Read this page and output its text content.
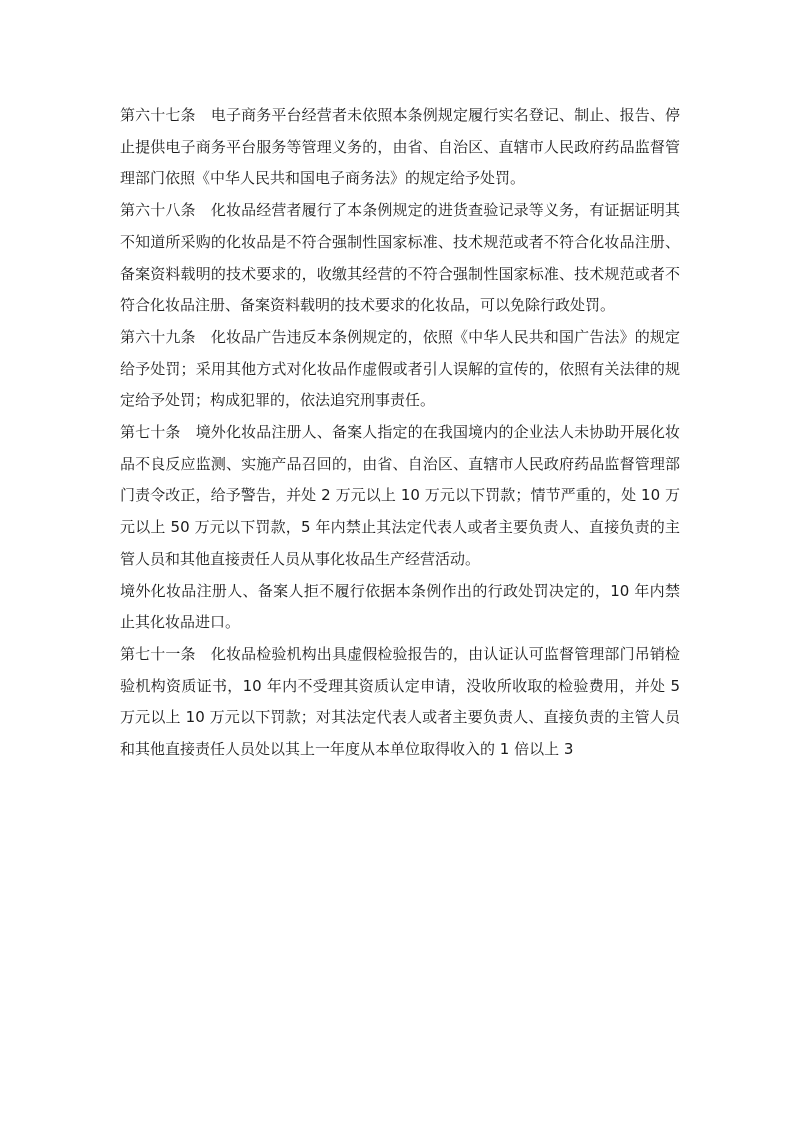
第六十七条　电子商务平台经营者未依照本条例规定履行实名登记、制止、报告、停止提供电子商务平台服务等管理义务的，由省、自治区、直辖市人民政府药品监督管理部门依照《中华人民共和国电子商务法》的规定给予处罚。

第六十八条　化妆品经营者履行了本条例规定的进货查验记录等义务，有证据证明其不知道所采购的化妆品是不符合强制性国家标准、技术规范或者不符合化妆品注册、备案资料载明的技术要求的，收缴其经营的不符合强制性国家标准、技术规范或者不符合化妆品注册、备案资料载明的技术要求的化妆品，可以免除行政处罚。

第六十九条　化妆品广告违反本条例规定的，依照《中华人民共和国广告法》的规定给予处罚；采用其他方式对化妆品作虚假或者引人误解的宣传的，依照有关法律的规定给予处罚；构成犯罪的，依法追究刑事责任。

第七十条　境外化妆品注册人、备案人指定的在我国境内的企业法人未协助开展化妆品不良反应监测、实施产品召回的，由省、自治区、直辖市人民政府药品监督管理部门责令改正，给予警告，并处 2 万元以上 10 万元以下罚款；情节严重的，处 10 万元以上 50 万元以下罚款，5 年内禁止其法定代表人或者主要负责人、直接负责的主管人员和其他直接责任人员从事化妆品生产经营活动。

境外化妆品注册人、备案人拒不履行依据本条例作出的行政处罚决定的，10 年内禁止其化妆品进口。

第七十一条　化妆品检验机构出具虚假检验报告的，由认证认可监督管理部门吊销检验机构资质证书，10 年内不受理其资质认定申请，没收所收取的检验费用，并处 5 万元以上 10 万元以下罚款；对其法定代表人或者主要负责人、直接负责的主管人员和其他直接责任人员处以其上一年度从本单位取得收入的 1 倍以上 3
